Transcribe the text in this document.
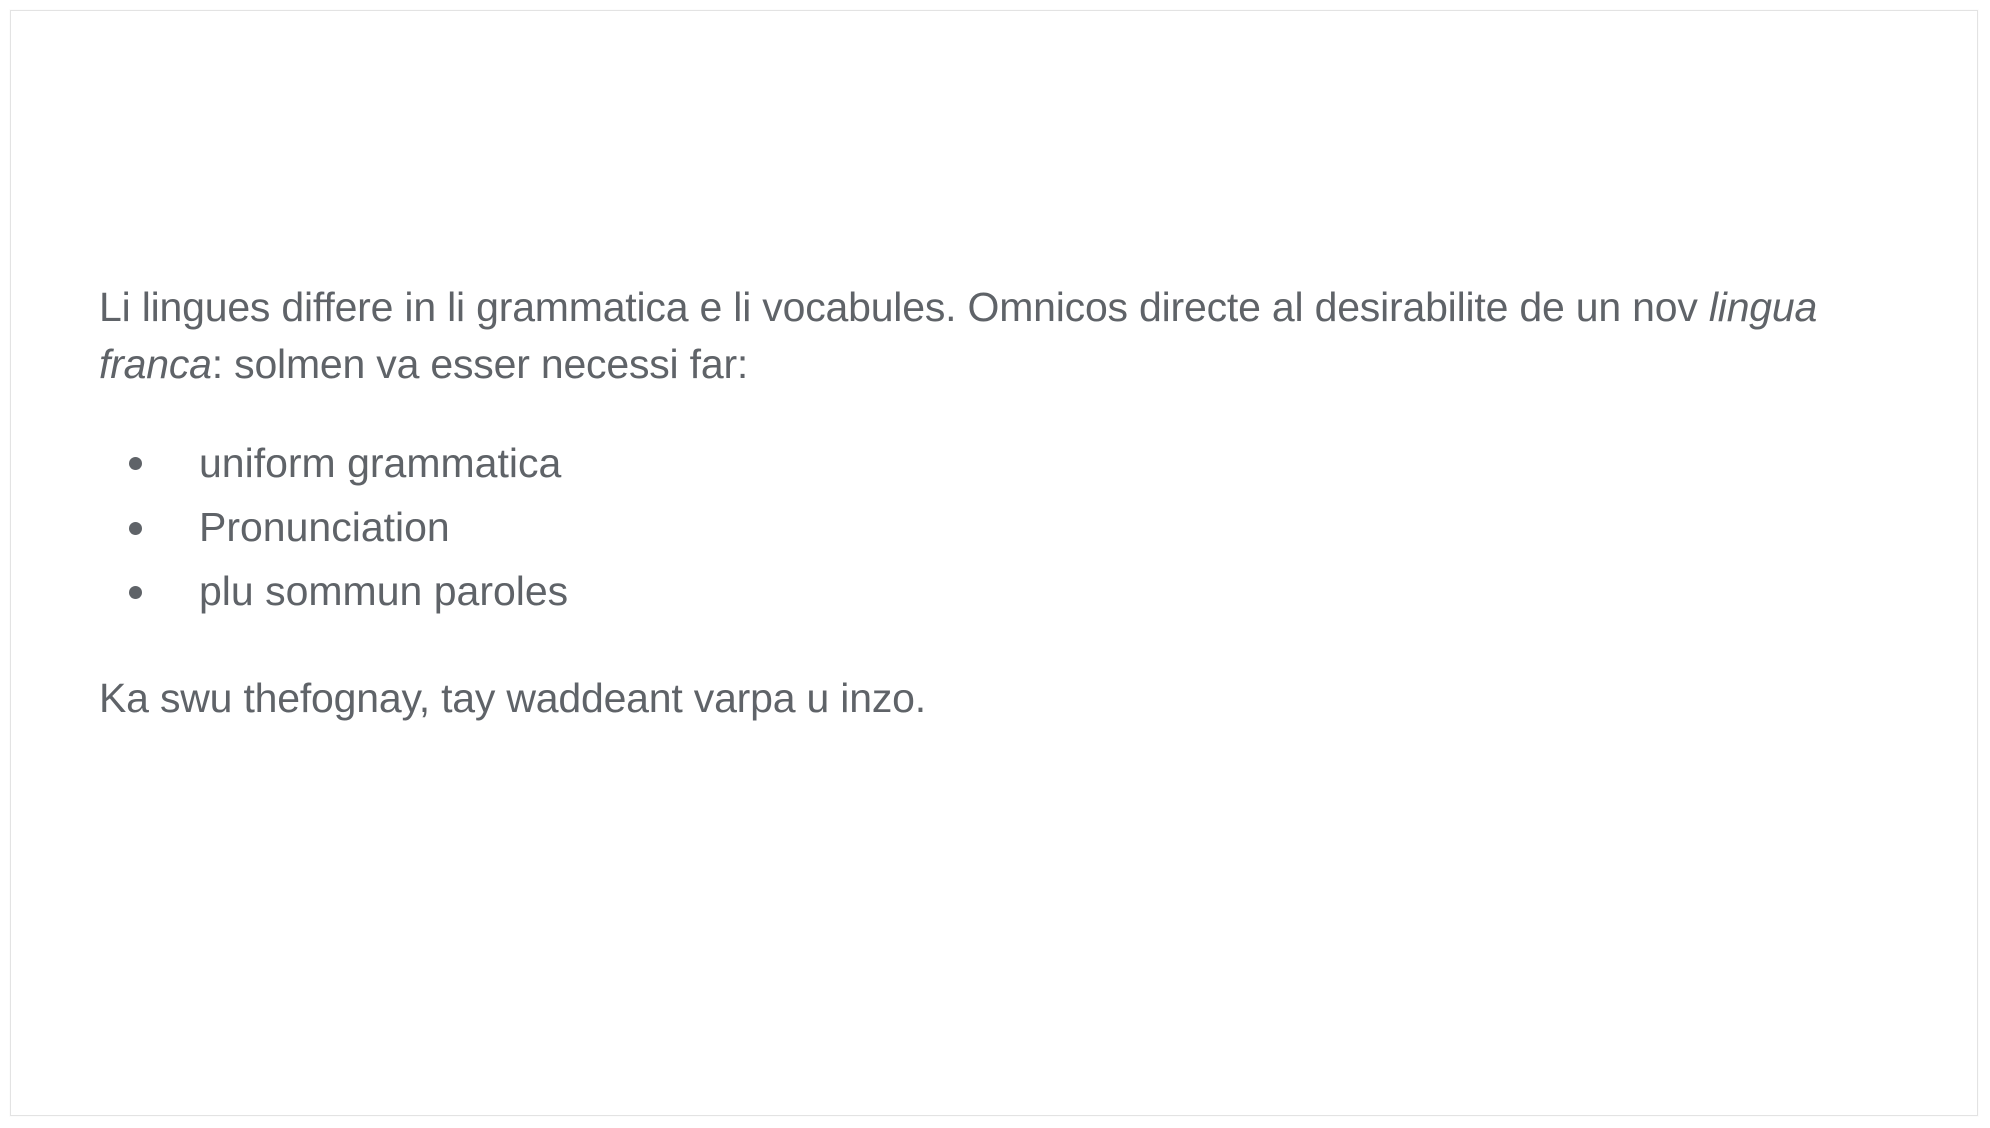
Li lingues differe in li grammatica e li vocabules. Omnicos directe al desirabilite de un nov lingua franca: solmen va esser necessi far:

uniform grammatica
Pronunciation
plu sommun paroles

Ka swu thefognay, tay waddeant varpa u inzo.
